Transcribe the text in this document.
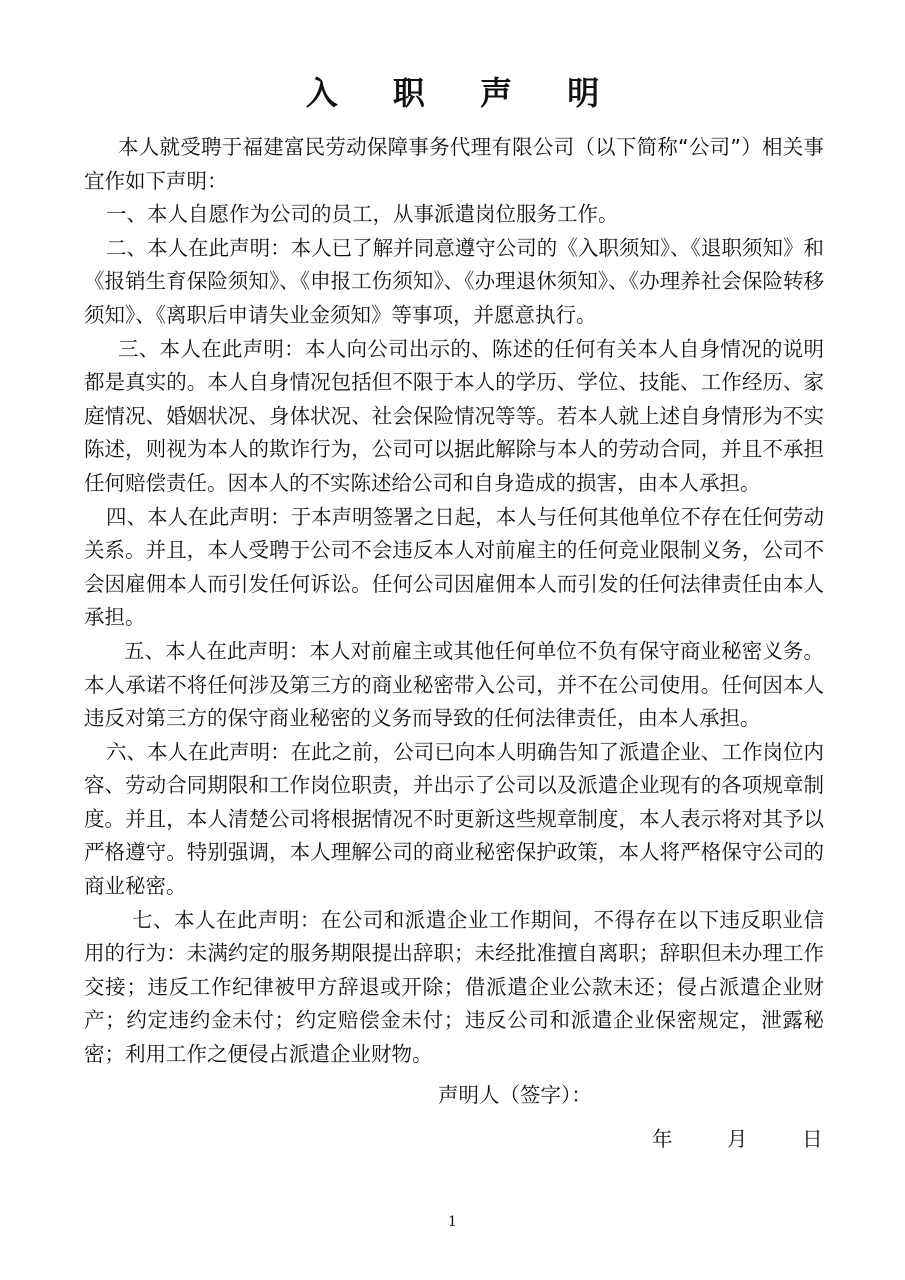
入 职 声 明

本人就受聘于福建富民劳动保障事务代理有限公司（以下简称“公司”）相关事宜作如下声明：

一、本人自愿作为公司的员工，从事派遣岗位服务工作。

二、本人在此声明：本人已了解并同意遵守公司的《入职须知》、《退职须知》和《报销生育保险须知》、《申报工伤须知》、《办理退休须知》、《办理养社会保险转移须知》、《离职后申请失业金须知》等事项，并愿意执行。

三、本人在此声明：本人向公司出示的、陈述的任何有关本人自身情况的说明都是真实的。本人自身情况包括但不限于本人的学历、学位、技能、工作经历、家庭情况、婚姻状况、身体状况、社会保险情况等等。若本人就上述自身情形为不实陈述，则视为本人的欺诈行为，公司可以据此解除与本人的劳动合同，并且不承担任何赔偿责任。因本人的不实陈述给公司和自身造成的损害，由本人承担。

四、本人在此声明：于本声明签署之日起，本人与任何其他单位不存在任何劳动关系。并且，本人受聘于公司不会违反本人对前雇主的任何竞业限制义务，公司不会因雇佣本人而引发任何诉讼。任何公司因雇佣本人而引发的任何法律责任由本人承担。

五、本人在此声明：本人对前雇主或其他任何单位不负有保守商业秘密义务。本人承诺不将任何涉及第三方的商业秘密带入公司，并不在公司使用。任何因本人违反对第三方的保守商业秘密的义务而导致的任何法律责任，由本人承担。

六、本人在此声明：在此之前，公司已向本人明确告知了派遣企业、工作岗位内容、劳动合同期限和工作岗位职责，并出示了公司以及派遣企业现有的各项规章制度。并且，本人清楚公司将根据情况不时更新这些规章制度，本人表示将对其予以严格遵守。特别强调，本人理解公司的商业秘密保护政策，本人将严格保守公司的商业秘密。

七、本人在此声明：在公司和派遣企业工作期间，不得存在以下违反职业信用的行为：未满约定的服务期限提出辞职；未经批准擅自离职；辞职但未办理工作交接；违反工作纪律被甲方辞退或开除；借派遣企业公款未还；侵占派遣企业财产；约定违约金未付；约定赔偿金未付；违反公司和派遣企业保密规定，泄露秘密；利用工作之便侵占派遣企业财物。

声明人（签字）：
年	月	日
1
